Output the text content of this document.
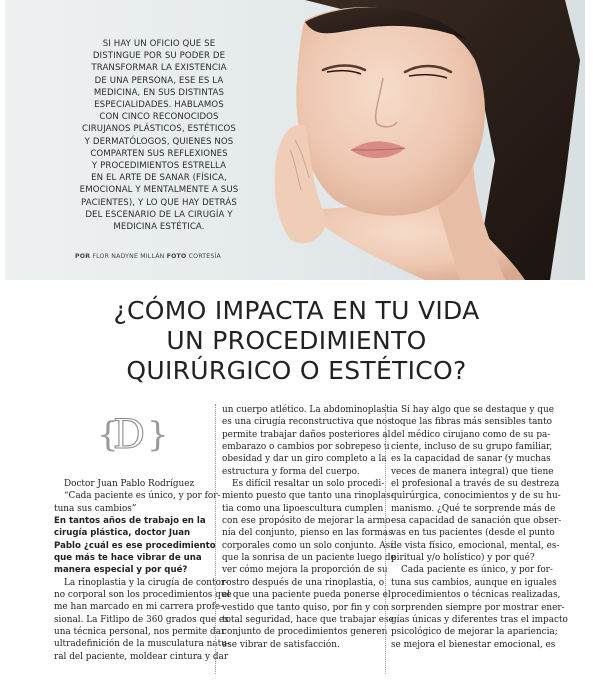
SI HAY UN OFICIO QUE SE
DISTINGUE POR SU PODER DE
TRANSFORMAR LA EXISTENCIA
DE UNA PERSONA, ESE ES LA
MEDICINA, EN SUS DISTINTAS
ESPECIALIDADES. HABLAMOS
CON CINCO RECONOCIDOS
CIRUJANOS PLÁSTICOS, ESTÉTICOS
Y DERMATÓLOGOS, QUIENES NOS
COMPARTEN SUS REFLEXIONES
Y PROCEDIMIENTOS ESTRELLA
EN EL ARTE DE SANAR (FÍSICA,
EMOCIONAL Y MENTALMENTE A SUS
PACIENTES), Y LO QUE HAY DETRÁS
DEL ESCENARIO DE LA CIRUGÍA Y
MEDICINA ESTÉTICA.
POR FLOR NADYNE MILLÁN FOTO CORTESÍA
¿CÓMO IMPACTA EN TU VIDA
UN PROCEDIMIENTO
QUIRÚRGICO O ESTÉTICO?
{
D }

Doctor Juan Pablo Rodríguez

“Cada paciente es único, y por for-

tuna sus cambios”

En tantos años de trabajo en la

cirugía plástica, doctor Juan

Pablo ¿cuál es ese procedimiento

que más te hace vibrar de una

manera especial y por qué?

La rinoplastia y la cirugía de contor-

no corporal son los procedimientos que

me han marcado en mi carrera profe-

sional. La Fitlipo de 360 grados que es

una técnica personal, nos permite dar

ultradefinición de la musculatura natu-

ral del paciente, moldear cintura y dar

un cuerpo atlético. La abdominoplastia

es una cirugía reconstructiva que nos

permite trabajar daños posteriores al

embarazo o cambios por sobrepeso u

obesidad y dar un giro completo a la

estructura y forma del cuerpo.

Es difícil resaltar un solo procedi-

miento puesto que tanto una rinoplas-

tia como una lipoescultura cumplen

con ese propósito de mejorar la armo-

nía del conjunto, pienso en las formas

corporales como un solo conjunto. Así

que la sonrisa de un paciente luego de

ver cómo mejora la proporción de su

rostro después de una rinoplastia, o

el que una paciente pueda ponerse el

vestido que tanto quiso, por fin y con

total seguridad, hace que trabajar ese

conjunto de procedimientos generen

ese vibrar de satisfacción.

Si hay algo que se destaque y que

toque las fibras más sensibles tanto

del médico cirujano como de su pa-

ciente, incluso de su grupo familiar,

es la capacidad de sanar (y muchas

veces de manera integral) que tiene

el profesional a través de su destreza

quirúrgica, conocimientos y de su hu-

manismo. ¿Qué te sorprende más de

esa capacidad de sanación que obser-

vas en tus pacientes (desde el punto

de vista físico, emocional, mental, es-

piritual y/o holístico) y por qué?

Cada paciente es único, y por for-

tuna sus cambios, aunque en iguales

procedimientos o técnicas realizadas,

sorprenden siempre por mostrar ener-

gías únicas y diferentes tras el impacto

psicológico de mejorar la apariencia;

se mejora el bienestar emocional, es
